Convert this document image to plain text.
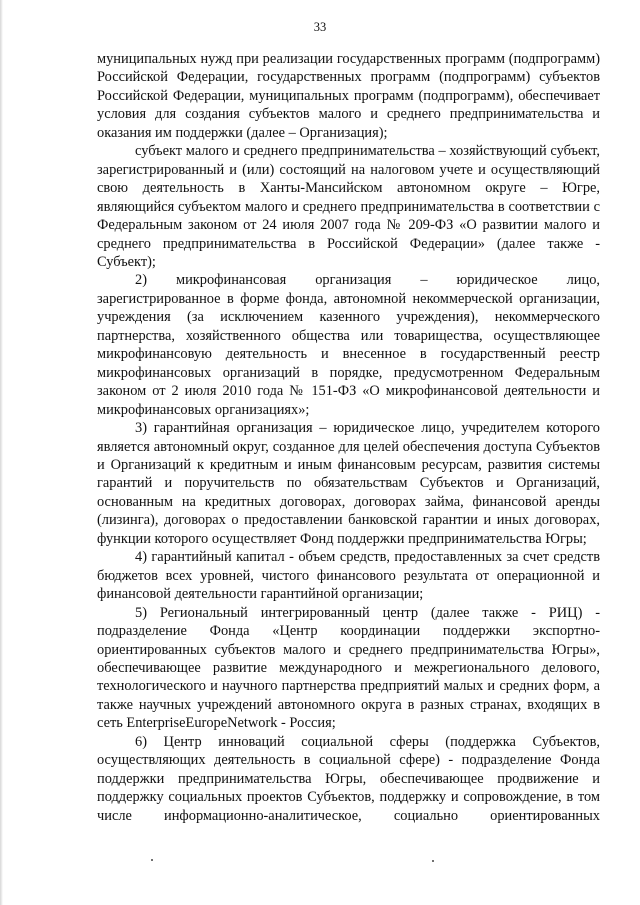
33

муниципальных нужд при реализации государственных программ (подпрограмм) Российской Федерации, государственных программ (подпрограмм) субъектов Российской Федерации, муниципальных программ (подпрограмм), обеспечивает условия для создания субъектов малого и среднего предпринимательства и оказания им поддержки (далее – Организация);

субъект малого и среднего предпринимательства – хозяйствующий субъект, зарегистрированный и (или) состоящий на налоговом учете и осуществляющий свою деятельность в Ханты-Мансийском автономном округе – Югре, являющийся субъектом малого и среднего предпринимательства в соответствии с Федеральным законом от 24 июля 2007 года № 209-ФЗ «О развитии малого и среднего предпринимательства в Российской Федерации» (далее также - Субъект);

2) микрофинансовая организация – юридическое лицо, зарегистрированное в форме фонда, автономной некоммерческой организации, учреждения (за исключением казенного учреждения), некоммерческого партнерства, хозяйственного общества или товарищества, осуществляющее микрофинансовую деятельность и внесенное в государственный реестр микрофинансовых организаций в порядке, предусмотренном Федеральным законом от 2 июля 2010 года № 151-ФЗ «О микрофинансовой деятельности и микрофинансовых организациях»;

3) гарантийная организация – юридическое лицо, учредителем которого является автономный округ, созданное для целей обеспечения доступа Субъектов и Организаций к кредитным и иным финансовым ресурсам, развития системы гарантий и поручительств по обязательствам Субъектов и Организаций, основанным на кредитных договорах, договорах займа, финансовой аренды (лизинга), договорах о предоставлении банковской гарантии и иных договорах, функции которого осуществляет Фонд поддержки предпринимательства Югры;

4) гарантийный капитал - объем средств, предоставленных за счет средств бюджетов всех уровней, чистого финансового результата от операционной и финансовой деятельности гарантийной организации;

5) Региональный интегрированный центр (далее также - РИЦ) - подразделение Фонда «Центр координации поддержки экспортно-ориентированных субъектов малого и среднего предпринимательства Югры», обеспечивающее развитие международного и межрегионального делового, технологического и научного партнерства предприятий малых и средних форм, а также научных учреждений автономного округа в разных странах, входящих в сеть EnterpriseEuropeNetwork - Россия;

6) Центр инноваций социальной сферы (поддержка Субъектов, осуществляющих деятельность в социальной сфере) - подразделение Фонда поддержки предпринимательства Югры, обеспечивающее продвижение и поддержку социальных проектов Субъектов, поддержку и сопровождение, в том числе информационно-аналитическое, социально ориентированных
